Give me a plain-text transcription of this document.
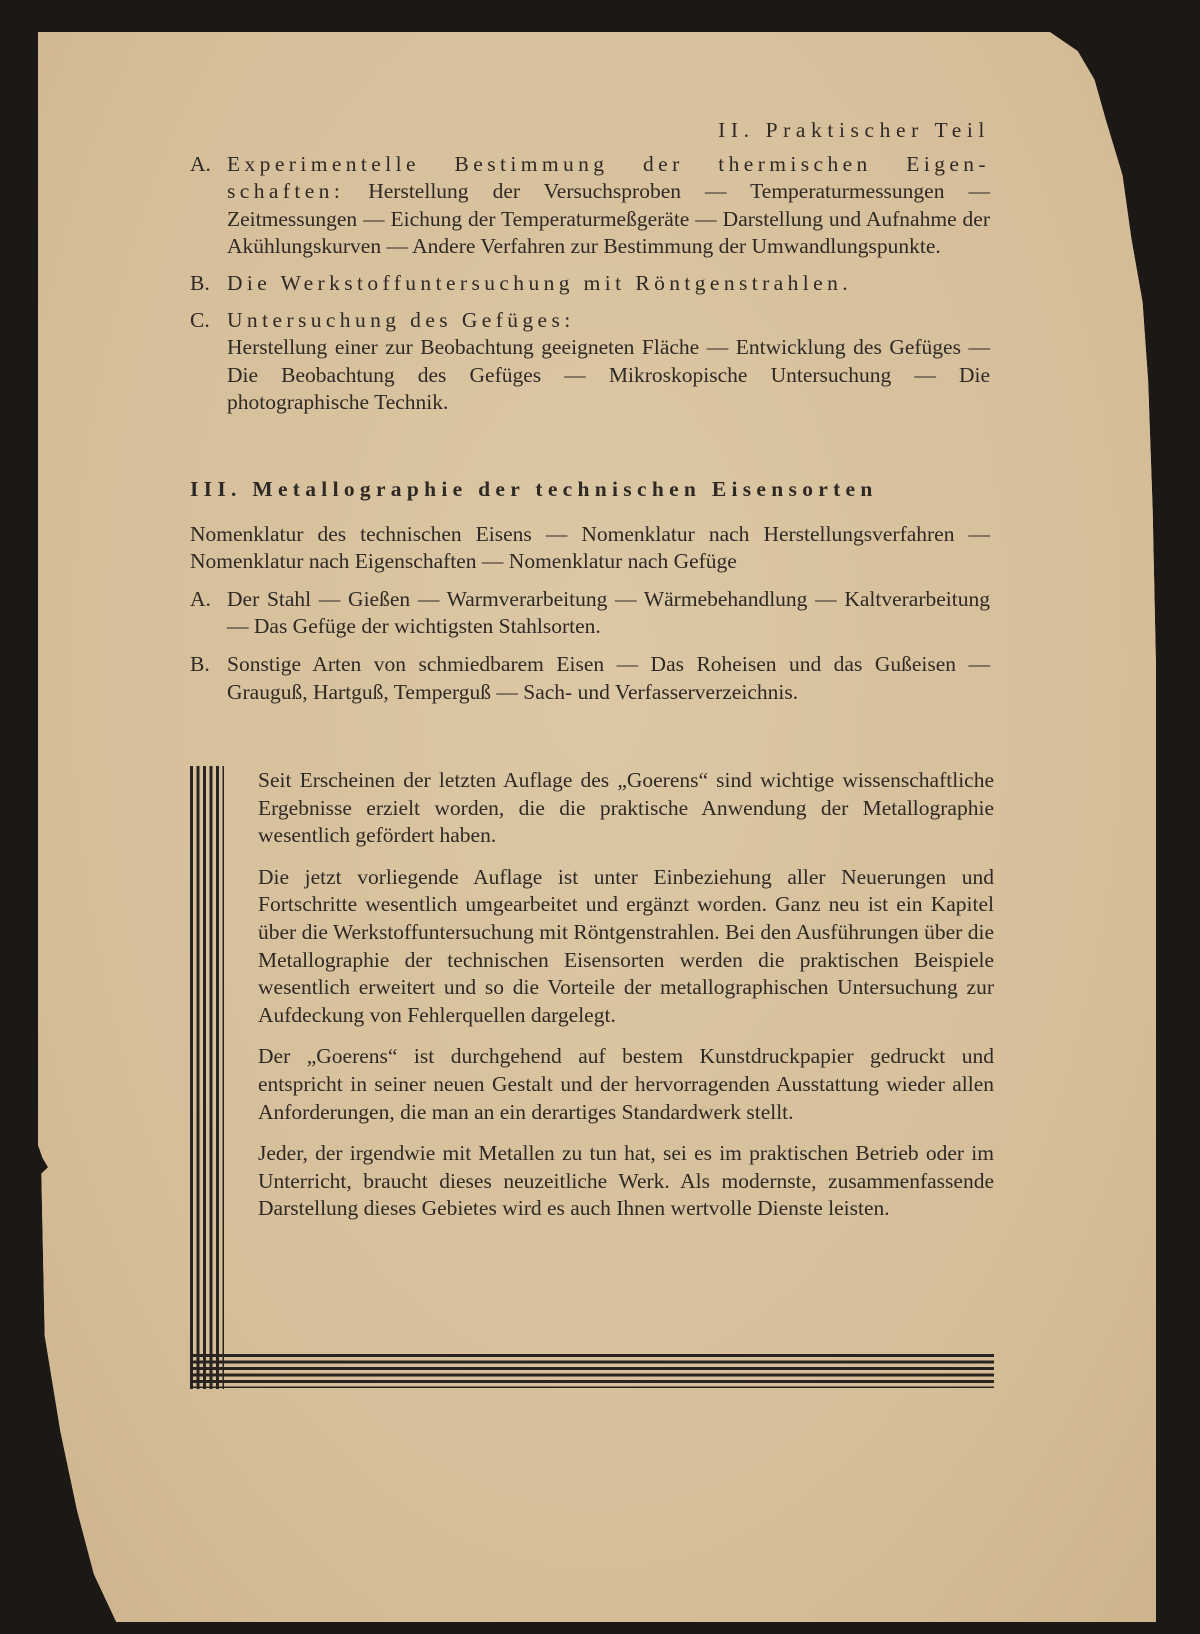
II. Praktischer Teil
A. Experimentelle Bestimmung der thermischen Eigen-
schaften: Herstellung der Versuchsproben — Temperaturmessungen — Zeitmessungen — Eichung der Temperaturmeßgeräte — Darstellung und Aufnahme der Akühlungskurven — Andere Verfahren zur Bestimmung der Umwandlungspunkte.
B. Die Werkstoffuntersuchung mit Röntgenstrahlen.
C. Untersuchung des Gefüges:
Herstellung einer zur Beobachtung geeigneten Fläche — Entwicklung des Gefüges — Die Beobachtung des Gefüges — Mikroskopische Untersuchung — Die photographische Technik.
III. Metallographie der technischen Eisensorten

Nomenklatur des technischen Eisens — Nomenklatur nach Herstellungsverfahren — Nomenklatur nach Eigenschaften — Nomenklatur nach Gefüge

A. Der Stahl — Gießen — Warmverarbeitung — Wärmebehandlung — Kaltverarbeitung — Das Gefüge der wichtigsten Stahlsorten.
B. Sonstige Arten von schmiedbarem Eisen — Das Roheisen und das Gußeisen — Grauguß, Hartguß, Temperguß — Sach- und Verfasserverzeichnis.

Seit Erscheinen der letzten Auflage des „Goerens“ sind wichtige wissenschaftliche Ergebnisse erzielt worden, die die praktische Anwendung der Metallographie wesentlich gefördert haben.

Die jetzt vorliegende Auflage ist unter Einbeziehung aller Neuerungen und Fortschritte wesentlich umgearbeitet und ergänzt worden. Ganz neu ist ein Kapitel über die Werkstoffuntersuchung mit Röntgenstrahlen. Bei den Ausführungen über die Metallographie der technischen Eisensorten werden die praktischen Beispiele wesentlich erweitert und so die Vorteile der metallographischen Untersuchung zur Aufdeckung von Fehlerquellen dargelegt.

Der „Goerens“ ist durchgehend auf bestem Kunstdruckpapier gedruckt und entspricht in seiner neuen Gestalt und der hervorragenden Ausstattung wieder allen Anforderungen, die man an ein derartiges Standardwerk stellt.

Jeder, der irgendwie mit Metallen zu tun hat, sei es im praktischen Betrieb oder im Unterricht, braucht dieses neuzeitliche Werk. Als modernste, zusammenfassende Darstellung dieses Gebietes wird es auch Ihnen wertvolle Dienste leisten.
